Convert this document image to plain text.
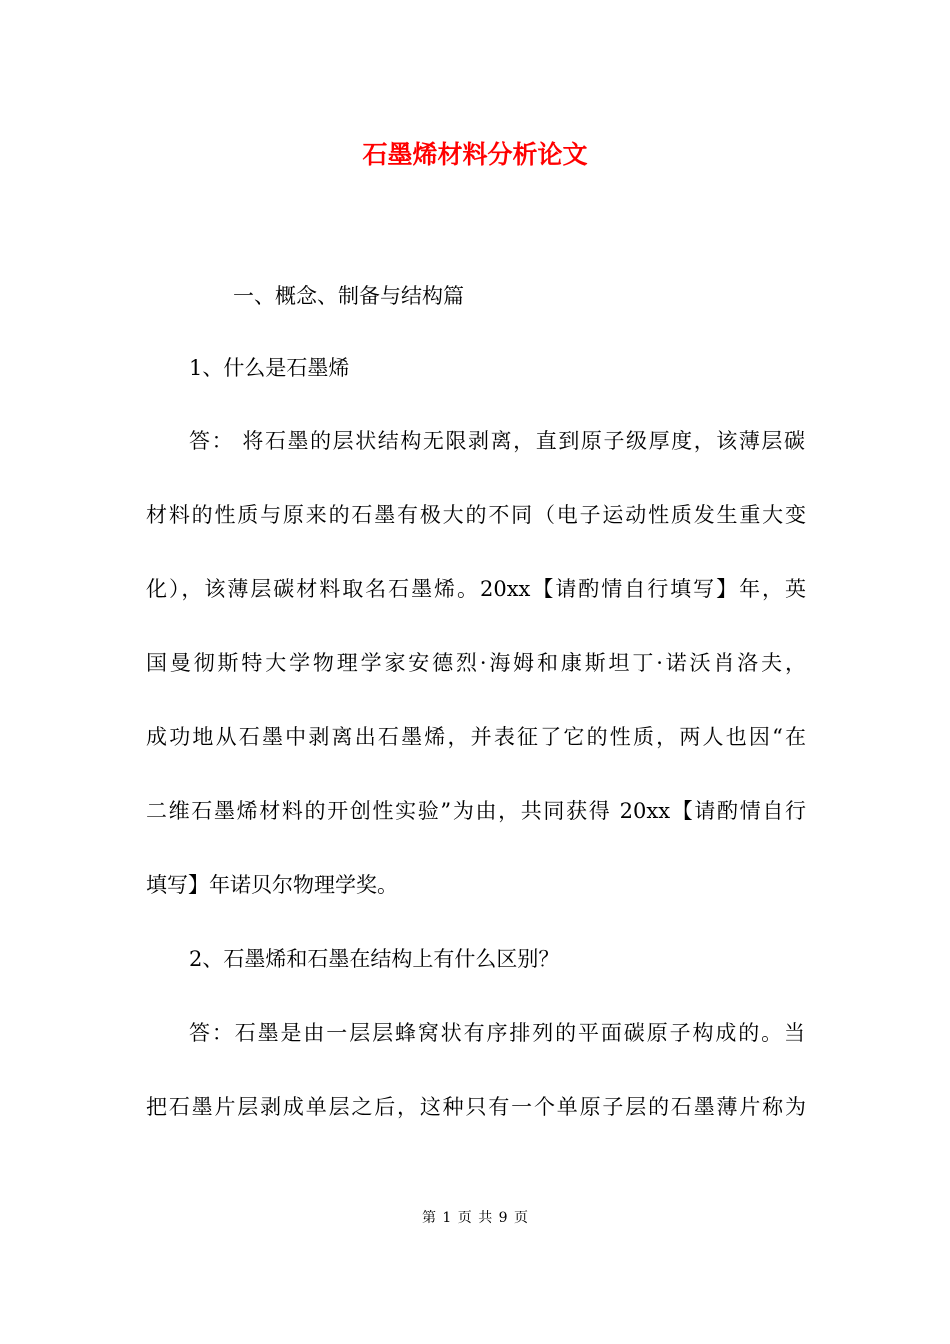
石墨烯材料分析论文
一、概念、制备与结构篇
1、什么是石墨烯
答： 将石墨的层状结构无限剥离，直到原子级厚度，该薄层碳
材料的性质与原来的石墨有极大的不同（电子运动性质发生重大变
化），该薄层碳材料取名石墨烯。20xx【请酌情自行填写】年，英
国曼彻斯特大学物理学家安德烈·海姆和康斯坦丁·诺沃肖洛夫，
成功地从石墨中剥离出石墨烯，并表征了它的性质，两人也因“在
二维石墨烯材料的开创性实验”为由，共同获得 20xx【请酌情自行
填写】年诺贝尔物理学奖。
2、石墨烯和石墨在结构上有什么区别？
答：石墨是由一层层蜂窝状有序排列的平面碳原子构成的。当
把石墨片层剥成单层之后，这种只有一个单原子层的石墨薄片称为
第 1 页 共 9 页
